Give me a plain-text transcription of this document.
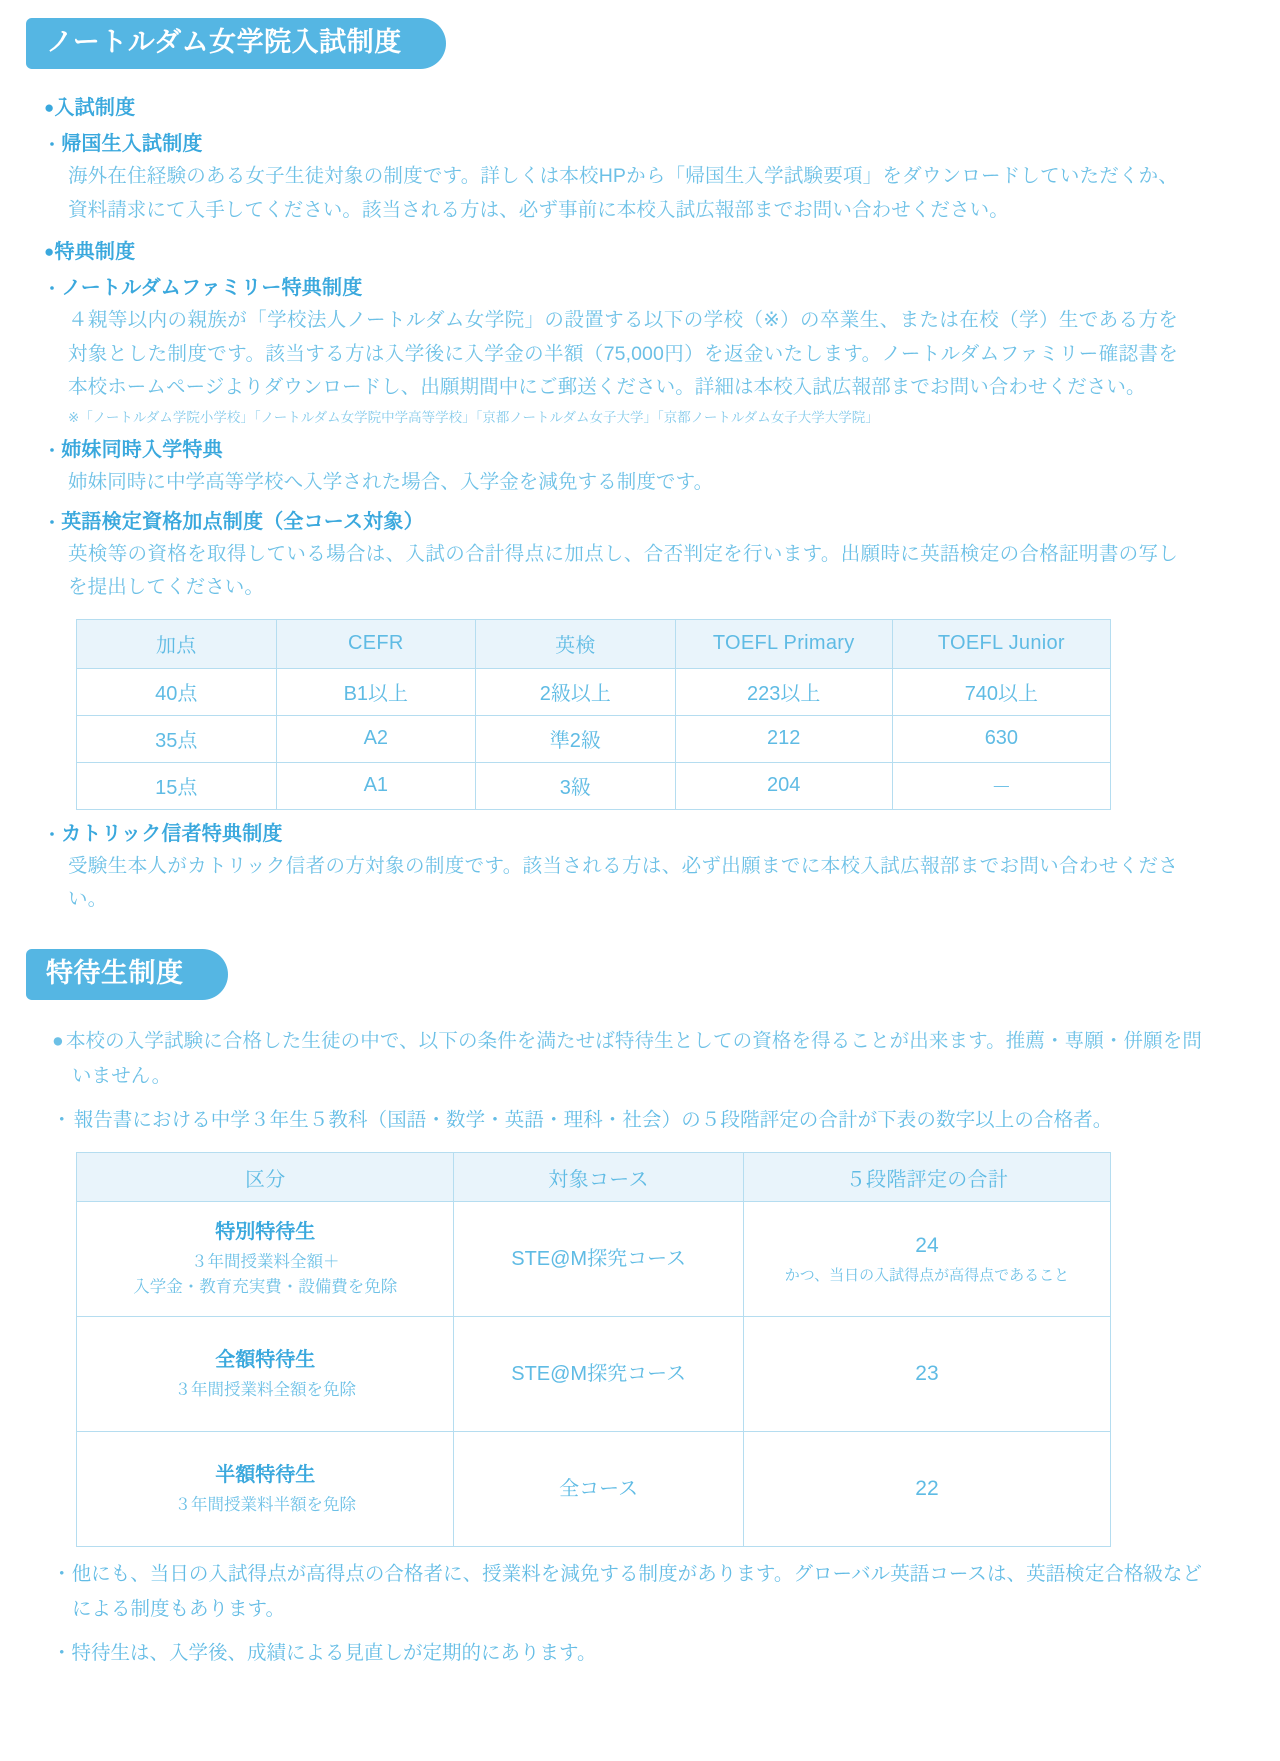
ノートルダム女学院入試制度
●入試制度
・帰国生入試制度

海外在住経験のある女子生徒対象の制度です。詳しくは本校HPから「帰国生入学試験要項」をダウンロードしていただくか、資料請求にて入手してください。該当される方は、必ず事前に本校入試広報部までお問い合わせください。

●特典制度
・ノートルダムファミリー特典制度

４親等以内の親族が「学校法人ノートルダム女学院」の設置する以下の学校（※）の卒業生、または在校（学）生である方を対象とした制度です。該当する方は入学後に入学金の半額（75,000円）を返金いたします。ノートルダムファミリー確認書を本校ホームページよりダウンロードし、出願期間中にご郵送ください。詳細は本校入試広報部までお問い合わせください。

※「ノートルダム学院小学校」「ノートルダム女学院中学高等学校」「京都ノートルダム女子大学」「京都ノートルダム女子大学大学院」

・姉妹同時入学特典

姉妹同時に中学高等学校へ入学された場合、入学金を減免する制度です。

・英語検定資格加点制度（全コース対象）

英検等の資格を取得している場合は、入試の合計得点に加点し、合否判定を行います。出願時に英語検定の合格証明書の写しを提出してください。

加点	CEFR	英検	TOEFL Primary	TOEFL Junior
40点	B1以上	2級以上	223以上	740以上
35点	A2	準2級	212	630
15点	A1	3級	204	－
・カトリック信者特典制度

受験生本人がカトリック信者の方対象の制度です。該当される方は、必ず出願までに本校入試広報部までお問い合わせください。

特待生制度

● 本校の入学試験に合格した生徒の中で、以下の条件を満たせば特待生としての資格を得ることが出来ます。推薦・専願・併願を問いません。

・ 報告書における中学３年生５教科（国語・数学・英語・理科・社会）の５段階評定の合計が下表の数字以上の合格者。

区分	対象コース	５段階評定の合計

特別特待生
３年間授業料全額＋
入学金・教育充実費・設備費を免除	STE@M探究コース	24
かつ、当日の入試得点が高得点であること

全額特待生
３年間授業料全額を免除	STE@M探究コース	23

半額特待生
３年間授業料半額を免除	全コース	22

・他にも、当日の入試得点が高得点の合格者に、授業料を減免する制度があります。グローバル英語コースは、英語検定合格級などによる制度もあります。

・特待生は、入学後、成績による見直しが定期的にあります。
